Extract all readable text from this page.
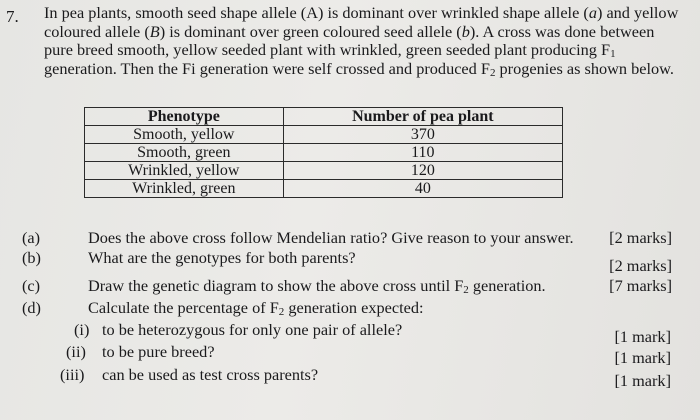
7. In pea plants, smooth seed shape allele (A) is dominant over wrinkled shape allele (a) and yellow
coloured allele (B) is dominant over green coloured seed allele (b). A cross was done between
pure breed smooth, yellow seeded plant with wrinkled, green seeded plant producing $F_1$
generation. Then the Fi generation were self crossed and produced $F_2$ progenies as shown below.
Phenotype	Number of pea plant
Smooth, yellow	370
Smooth, green	110
Wrinkled, yellow	120
Wrinkled, green	40
(a)	Does the above cross follow Mendelian ratio? Give reason to your answer. [2 marks]
(b)	What are the genotypes for both parents?	[2 marks]
(c)	Draw the genetic diagram to show the above cross until $F_2$ generation.	[7 marks]
(d)	Calculate the percentage of $F_2$ generation expected:
(i) to be heterozygous for only one pair of allele?	[1 mark]
(ii) to be pure breed?	[1 mark]
(iii) can be used as test cross parents?	[1 mark]
